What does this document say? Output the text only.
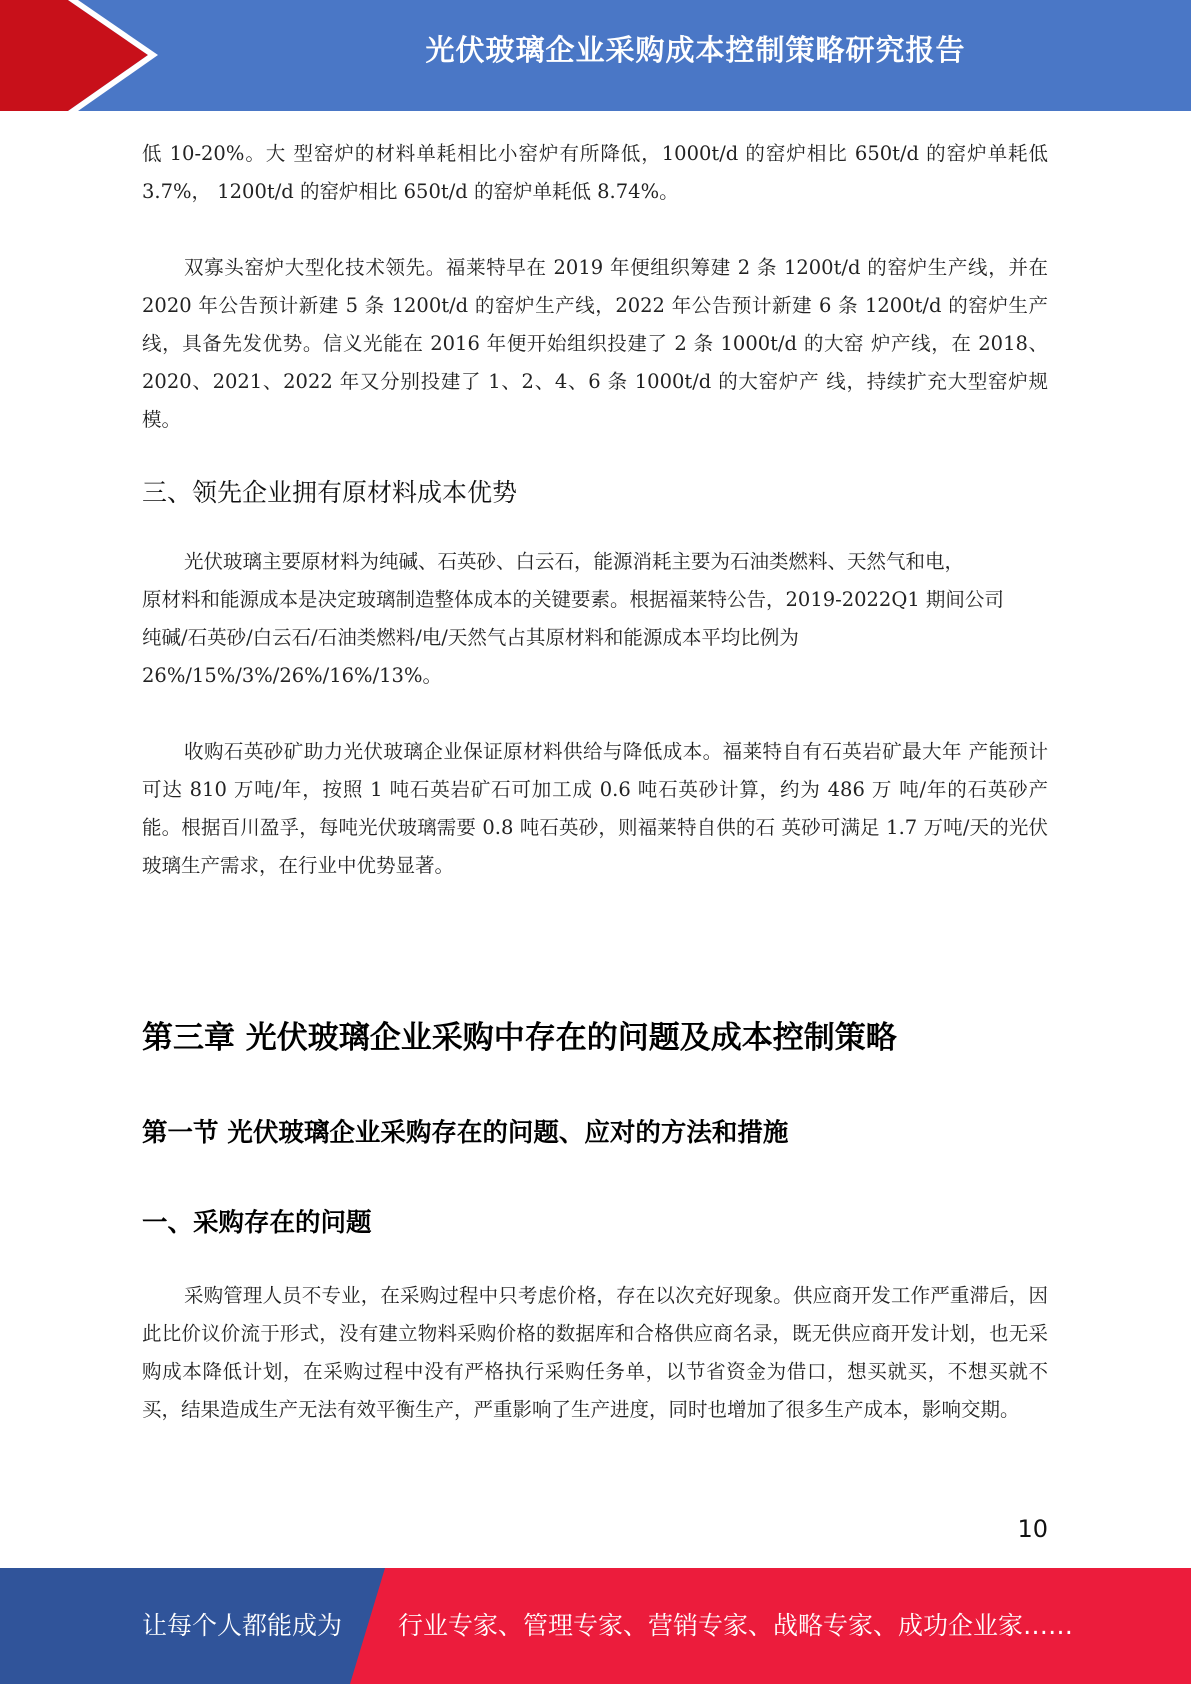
光伏玻璃企业采购成本控制策略研究报告

低 10-20%。大 型窑炉的材料单耗相比小窑炉有所降低，1000t/d 的窑炉相比 650t/d 的窑炉单耗低 3.7%， 1200t/d 的窑炉相比 650t/d 的窑炉单耗低 8.74%。

双寡头窑炉大型化技术领先。福莱特早在 2019 年便组织筹建 2 条 1200t/d 的窑炉生产线，并在 2020 年公告预计新建 5 条 1200t/d 的窑炉生产线，2022 年公告预计新建 6 条 1200t/d 的窑炉生产线，具备先发优势。信义光能在 2016 年便开始组织投建了 2 条 1000t/d 的大窑 炉产线，在 2018、2020、2021、2022 年又分别投建了 1、2、4、6 条 1000t/d 的大窑炉产 线，持续扩充大型窑炉规模。

三、领先企业拥有原材料成本优势

光伏玻璃主要原材料为纯碱、石英砂、白云石，能源消耗主要为石油类燃料、天然气和电，

原材料和能源成本是决定玻璃制造整体成本的关键要素。根据福莱特公告，2019-2022Q1 期间公司

纯碱/石英砂/白云石/石油类燃料/电/天然气占其原材料和能源成本平均比例为

26%/15%/3%/26%/16%/13%。

收购石英砂矿助力光伏玻璃企业保证原材料供给与降低成本。福莱特自有石英岩矿最大年 产能预计可达 810 万吨/年，按照 1 吨石英岩矿石可加工成 0.6 吨石英砂计算，约为 486 万 吨/年的石英砂产能。根据百川盈孚，每吨光伏玻璃需要 0.8 吨石英砂，则福莱特自供的石 英砂可满足 1.7 万吨/天的光伏玻璃生产需求，在行业中优势显著。

第三章 光伏玻璃企业采购中存在的问题及成本控制策略
第一节 光伏玻璃企业采购存在的问题、应对的方法和措施
一、采购存在的问题

采购管理人员不专业，在采购过程中只考虑价格，存在以次充好现象。供应商开发工作严重滞后，因此比价议价流于形式，没有建立物料采购价格的数据库和合格供应商名录，既无供应商开发计划，也无采购成本降低计划，在采购过程中没有严格执行采购任务单，以节省资金为借口，想买就买，不想买就不买，结果造成生产无法有效平衡生产，严重影响了生产进度，同时也增加了很多生产成本，影响交期。

10
让每个人都能成为 行业专家、管理专家、营销专家、战略专家、成功企业家……
